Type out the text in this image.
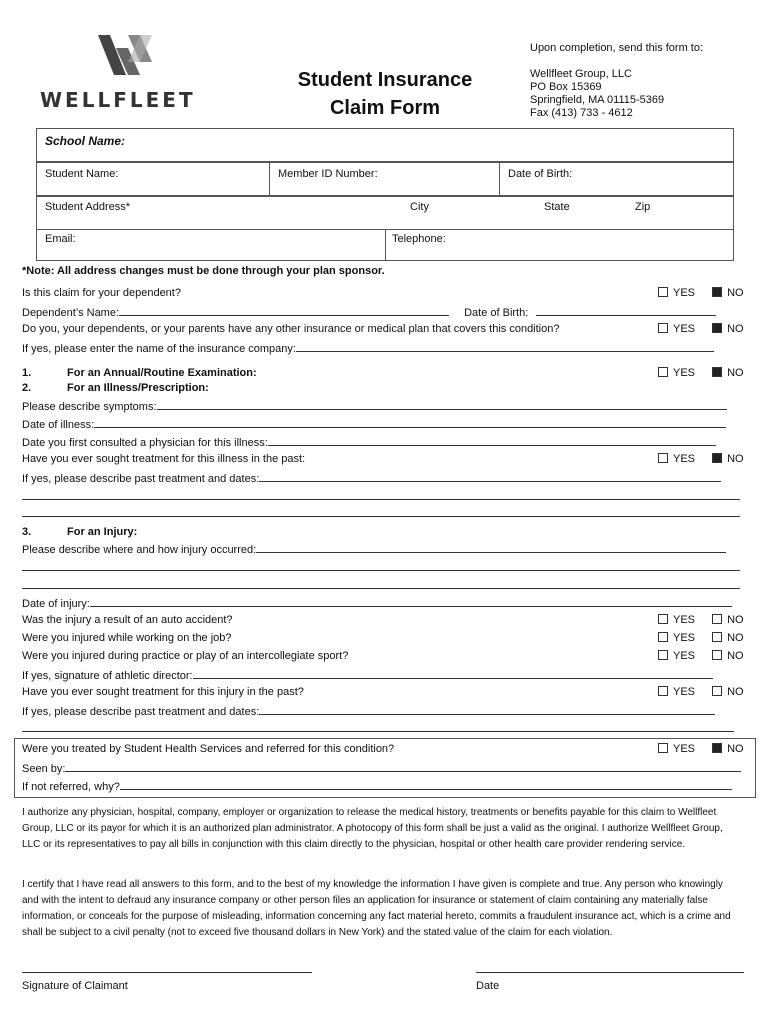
WELLFLEET
Student Insurance
Claim Form
Upon completion, send this form to:
Wellfleet Group, LLC
PO Box 15369
Springfield, MA 01115-5369
Fax (413) 733 - 4612
School Name:
Student Name:	Member ID Number:	Date of Birth:
Student Address*	City	State	Zip
Email:	Telephone:
*Note: All address changes must be done through your plan sponsor.
Is this claim for your dependent?	YES	NO
Dependent’s Name:	Date of Birth:
Do you, your dependents, or your parents have any other insurance or medical plan that covers this condition?	YES	NO
If yes, please enter the name of the insurance company:
1.	For an Annual/Routine Examination:	YES	NO
2.	For an Illness/Prescription:
Please describe symptoms:
Date of illness:
Date you first consulted a physician for this illness:
Have you ever sought treatment for this illness in the past:	YES	NO
If yes, please describe past treatment and dates:
3.	For an Injury:
Please describe where and how injury occurred:
Date of injury:
Was the injury a result of an auto accident?	YES	NO
Were you injured while working on the job?	YES	NO
Were you injured during practice or play of an intercollegiate sport?	YES	NO
If yes, signature of athletic director:
Have you ever sought treatment for this injury in the past?	YES	NO
If yes, please describe past treatment and dates:
Were you treated by Student Health Services and referred for this condition?	YES	NO
Seen by:
If not referred, why?
I authorize any physician, hospital, company, employer or organization to release the medical history, treatments or benefits payable for this claim to Wellfleet Group, LLC or its payor for which it is an authorized plan administrator. A photocopy of this form shall be just a valid as the original. I authorize Wellfleet Group, LLC or its representatives to pay all bills in conjunction with this claim directly to the physician, hospital or other health care provider rendering service.
I certify that I have read all answers to this form, and to the best of my knowledge the information I have given is complete and true. Any person who knowingly and with the intent to defraud any insurance company or other person files an application for insurance or statement of claim containing any materially false information, or conceals for the purpose of misleading, information concerning any fact material hereto, commits a fraudulent insurance act, which is a crime and shall be subject to a civil penalty (not to exceed five thousand dollars in New York) and the stated value of the claim for each violation.
Signature of Claimant	Date
